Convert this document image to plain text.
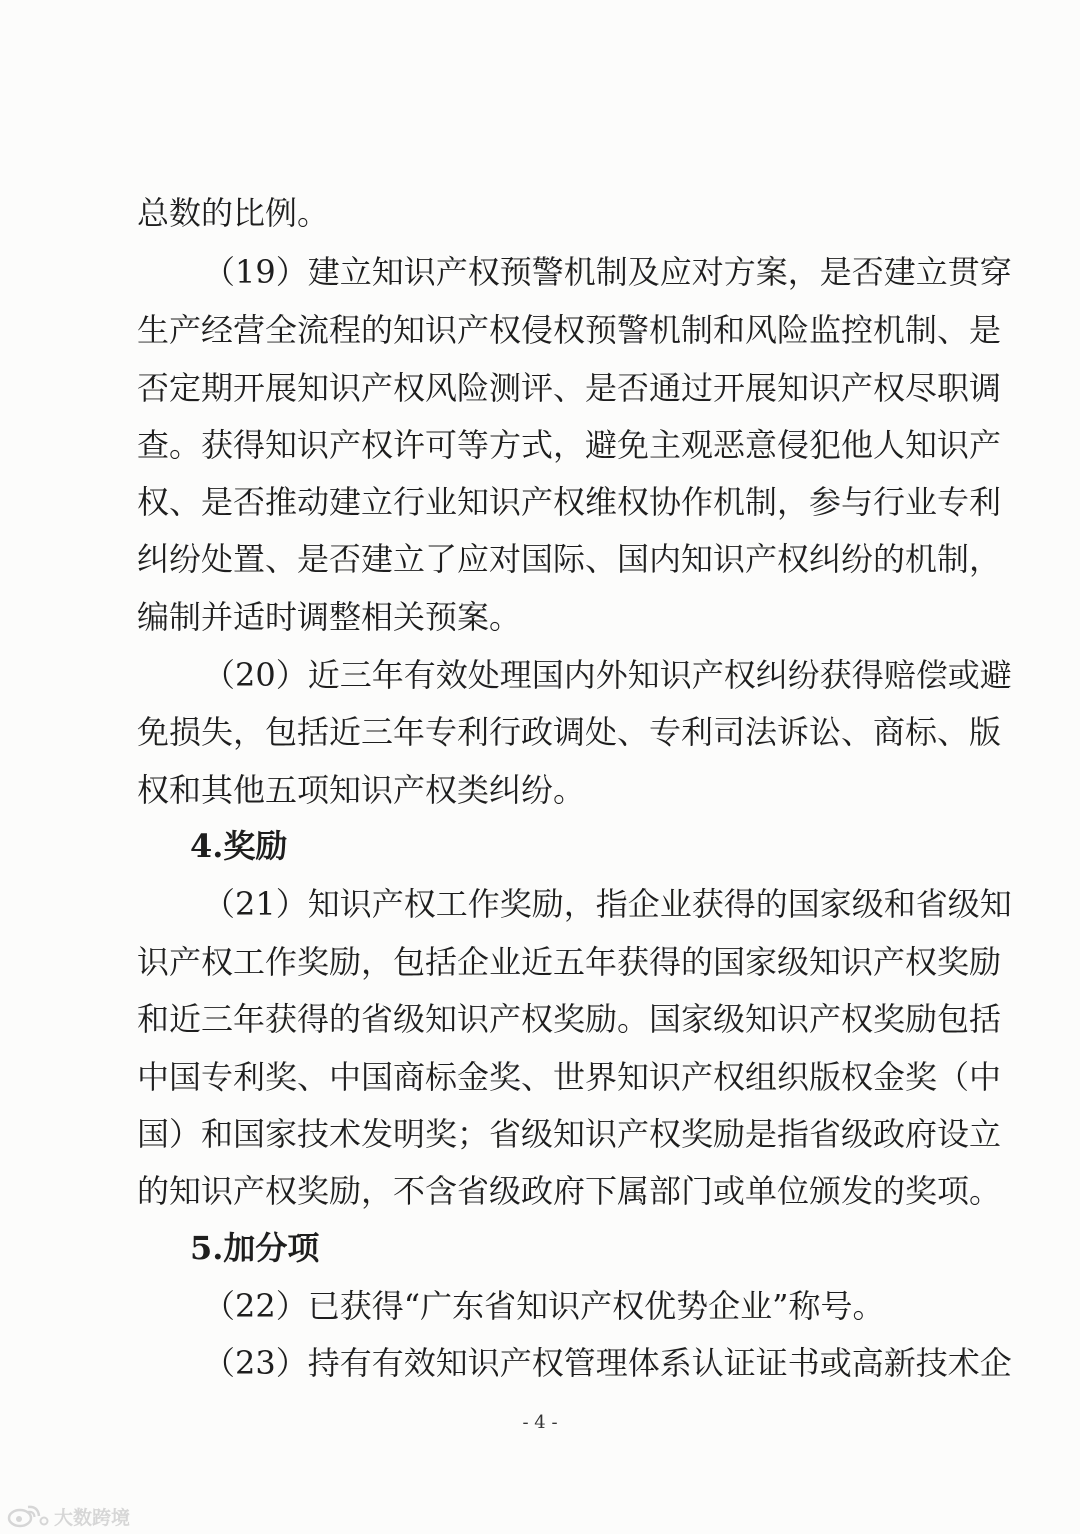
总数的比例。
（19）建立知识产权预警机制及应对方案，是否建立贯穿
生产经营全流程的知识产权侵权预警机制和风险监控机制、是
否定期开展知识产权风险测评、是否通过开展知识产权尽职调
查。获得知识产权许可等方式，避免主观恶意侵犯他人知识产
权、是否推动建立行业知识产权维权协作机制，参与行业专利
纠纷处置、是否建立了应对国际、国内知识产权纠纷的机制，
编制并适时调整相关预案。
（20）近三年有效处理国内外知识产权纠纷获得赔偿或避
免损失，包括近三年专利行政调处、专利司法诉讼、商标、版
权和其他五项知识产权类纠纷。
4.奖励
（21）知识产权工作奖励，指企业获得的国家级和省级知
识产权工作奖励，包括企业近五年获得的国家级知识产权奖励
和近三年获得的省级知识产权奖励。国家级知识产权奖励包括
中国专利奖、中国商标金奖、世界知识产权组织版权金奖（中
国）和国家技术发明奖；省级知识产权奖励是指省级政府设立
的知识产权奖励，不含省级政府下属部门或单位颁发的奖项。
5.加分项
（22）已获得“广东省知识产权优势企业”称号。
（23）持有有效知识产权管理体系认证证书或高新技术企
- 4 -
大数跨境
